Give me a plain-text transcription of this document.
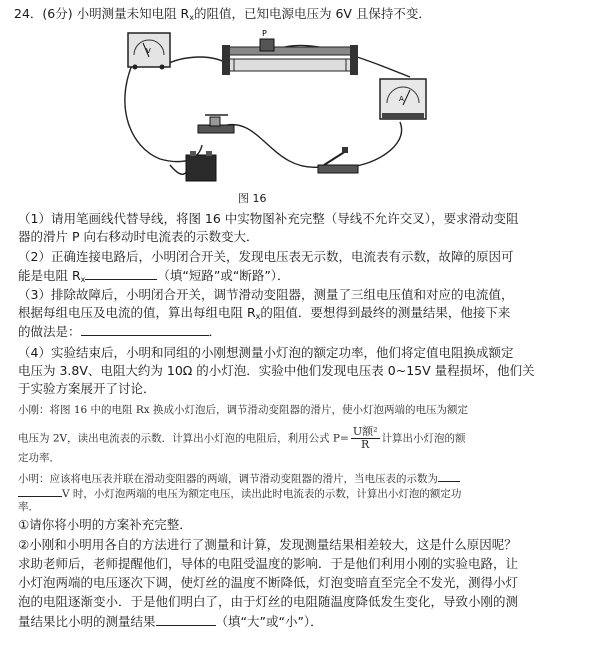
24．(6分) 小明测量未知电阻 $R_x$的阻值，已知电源电压为 6V 且保持不变．
V
P
A
图 16
（1）请用笔画线代替导线，将图 16 中实物图补充完整（导线不允许交叉），要求滑动变阻
器的滑片 P 向右移动时电流表的示数变大．
（2）正确连接电路后，小明闭合开关，发现电压表无示数，电流表有示数，故障的原因可
能是电阻 $R_x$	（填“短路”或“断路”）．
（3）排除故障后，小明闭合开关，调节滑动变阻器，测量了三组电压值和对应的电流值，
根据每组电压及电流的值，算出每组电阻 $R_x$的阻值．要想得到最终的测量结果，他接下来
的做法是：	．
（4）实验结束后，小明和同组的小刚想测量小灯泡的额定功率，他们将定值电阻换成额定
电压为 3.8V、电阻大约为 10Ω 的小灯泡．实验中他们发现电压表 0~15V 量程损坏，他们关
于实验方案展开了讨论．
小刚：将图 16 中的电阻 Rx 换成小灯泡后，调节滑动变阻器的滑片，使小灯泡两端的电压为额定
电压为 2V，读出电流表的示数．计算出小灯泡的电阻后，利用公式 $P= \frac{\text{U额²}}{R}$ 计算出小灯泡的额
定功率．
小明：应该将电压表并联在滑动变阻器的两端，调节滑动变阻器的滑片，当电压表的示数为
V 时，小灯泡两端的电压为额定电压，读出此时电流表的示数，计算出小灯泡的额定功
率．
①请你将小明的方案补充完整．
②小刚和小明用各自的方法进行了测量和计算，发现测量结果相差较大，这是什么原因呢？
求助老师后，老师提醒他们，导体的电阻受温度的影响．于是他们利用小刚的实验电路，让
小灯泡两端的电压逐次下调，使灯丝的温度不断降低，灯泡变暗直至完全不发光，测得小灯
泡的电阻逐渐变小．于是他们明白了，由于灯丝的电阻随温度降低发生变化，导致小刚的测
量结果比小明的测量结果	（填“大”或“小”）．
